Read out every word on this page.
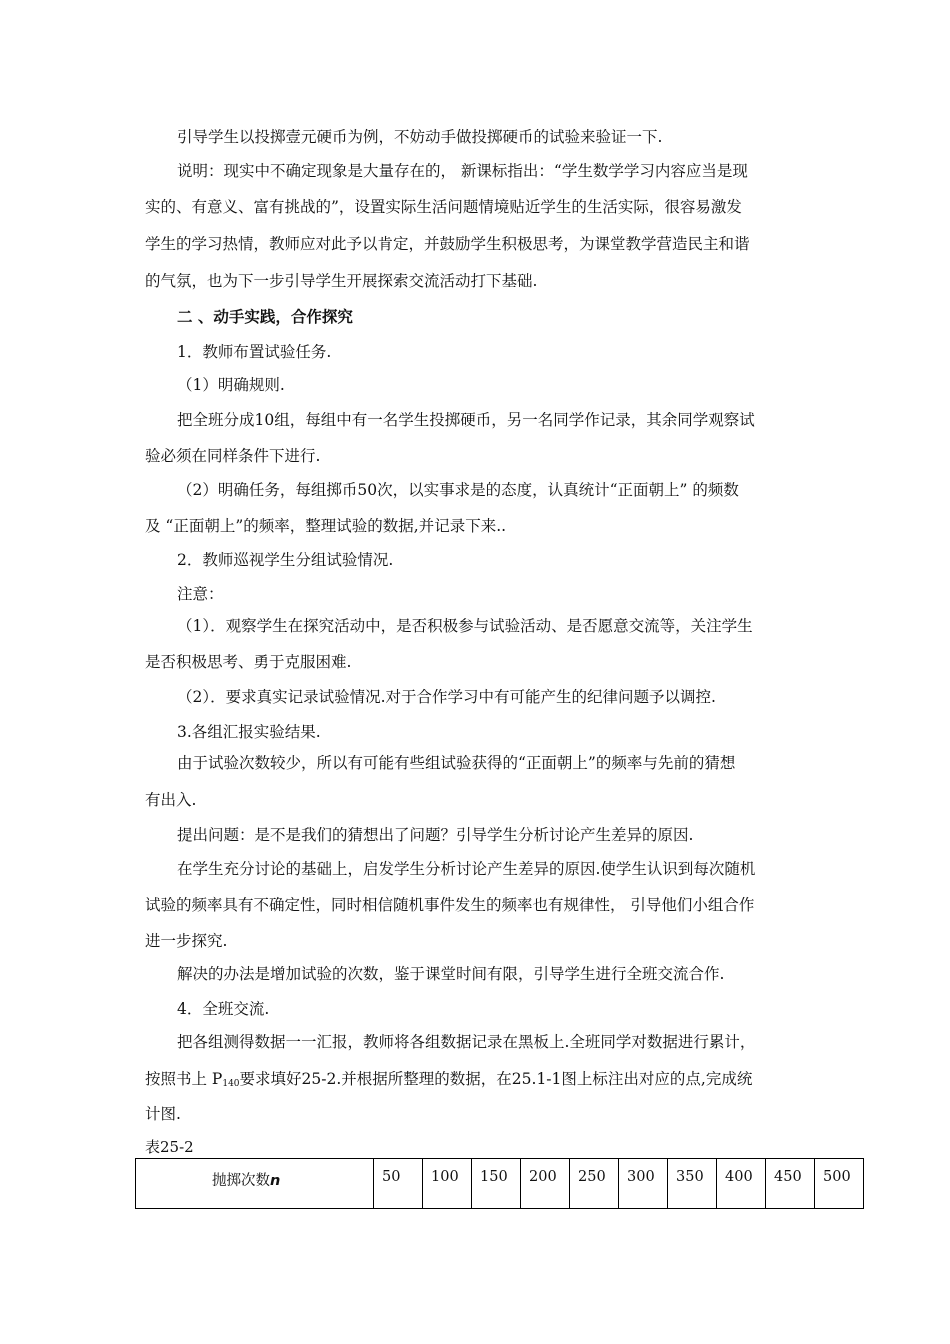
引导学生以投掷壹元硬币为例，不妨动手做投掷硬币的试验来验证一下.
说明：现实中不确定现象是大量存在的， 新课标指出：“学生数学学习内容应当是现
实的、有意义、富有挑战的”，设置实际生活问题情境贴近学生的生活实际，很容易激发
学生的学习热情，教师应对此予以肯定，并鼓励学生积极思考，为课堂教学营造民主和谐
的气氛，也为下一步引导学生开展探索交流活动打下基础.
二 、动手实践，合作探究
1．教师布置试验任务.
（1）明确规则.
把全班分成10组，每组中有一名学生投掷硬币，另一名同学作记录，其余同学观察试
验必须在同样条件下进行.
（2）明确任务，每组掷币50次，以实事求是的态度，认真统计“正面朝上” 的频数
及 “正面朝上”的频率，整理试验的数据,并记录下来..
2．教师巡视学生分组试验情况.
注意：
（1）．观察学生在探究活动中，是否积极参与试验活动、是否愿意交流等，关注学生
是否积极思考、勇于克服困难.
（2）．要求真实记录试验情况.对于合作学习中有可能产生的纪律问题予以调控.
3.各组汇报实验结果.
由于试验次数较少，所以有可能有些组试验获得的“正面朝上”的频率与先前的猜想
有出入.
提出问题：是不是我们的猜想出了问题？引导学生分析讨论产生差异的原因.
在学生充分讨论的基础上，启发学生分析讨论产生差异的原因.使学生认识到每次随机
试验的频率具有不确定性，同时相信随机事件发生的频率也有规律性， 引导他们小组合作
进一步探究.
解决的办法是增加试验的次数，鉴于课堂时间有限，引导学生进行全班交流合作.
4．全班交流.
把各组测得数据一一汇报，教师将各组数据记录在黑板上.全班同学对数据进行累计，
按照书上 $P_{140}$要求填好25-2.并根据所整理的数据，在25.1-1图上标注出对应的点,完成统
计图.
表25-2
抛掷次数n	50	100	150	200	250	300	350	400	450	500
